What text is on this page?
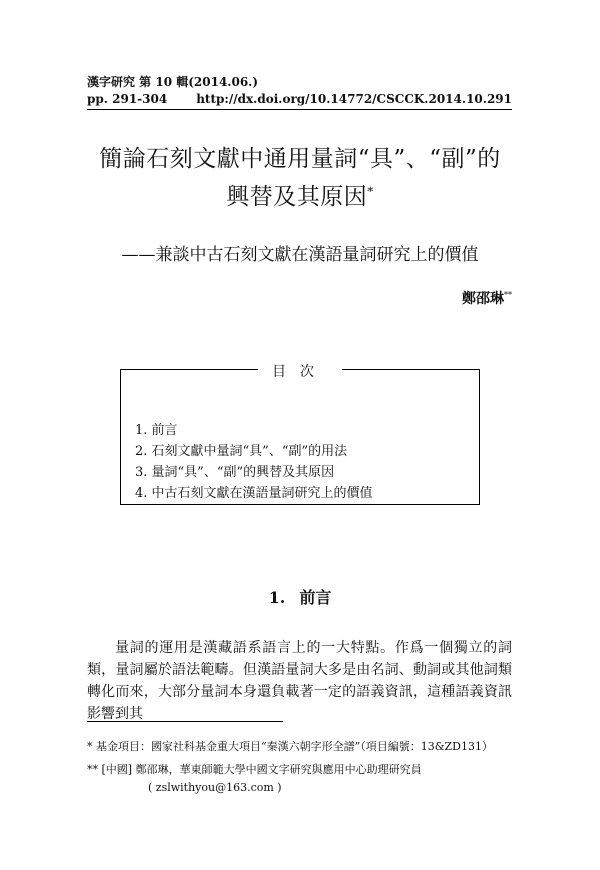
漢字研究 第 10 輯(2014.06.)
pp. 291-304 http://dx.doi.org/10.14772/CSCCK.2014.10.291
簡論石刻文獻中通用量詞“具”、“副”的
興替及其原因*
——兼談中古石刻文獻在漢語量詞研究上的價值
鄭邵琳**
目次
1. 前言
2. 石刻文獻中量詞“具”、“副”的用法
3. 量詞“具”、“副”的興替及其原因
4. 中古石刻文獻在漢語量詞研究上的價值
1. 前言

量詞的運用是漢藏語系語言上的一大特點。作爲一個獨立的詞類，量詞屬於語法範疇。但漢語量詞大多是由名詞、動詞或其他詞類轉化而來，大部分量詞本身還負載著一定的語義資訊，這種語義資訊影響到其

* 基金項目：國家社科基金重大項目“秦漢六朝字形全譜”（項目編號：13&ZD131）
** [中國] 鄭邵琳，華東師範大學中國文字研究與應用中心助理研究員
( zslwithyou@163.com )
